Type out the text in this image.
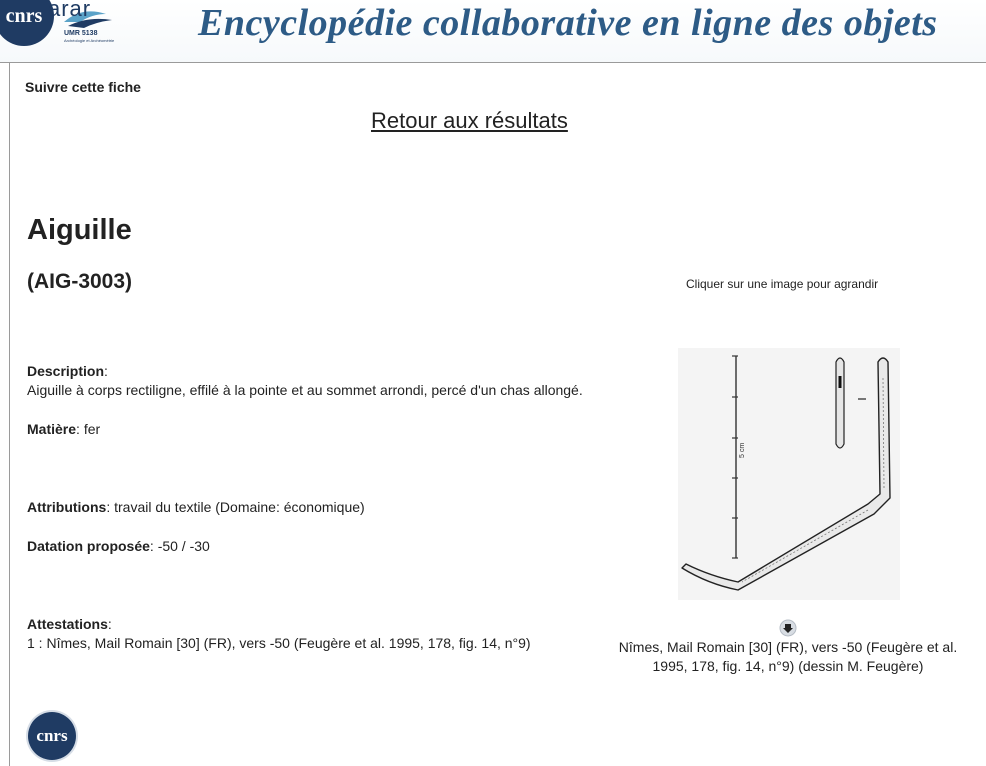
cnrs arar
UMR 5138
Archéologie et Archéométrie Encyclopédie collaborative en ligne des objets
Suivre cette fiche
Retour aux résultats
Aiguille
(AIG-3003)
Description:
Aiguille à corps rectiligne, effilé à la pointe et au sommet arrondi, percé d'un chas allongé.
Matière: fer
Attributions: travail du textile (Domaine: économique)
Datation proposée: -50 / -30
Attestations:
1 : Nîmes, Mail Romain [30] (FR), vers -50 (Feugère et al. 1995, 178, fig. 14, n°9)
Cliquer sur une image pour agrandir
5 cm
Nîmes, Mail Romain [30] (FR), vers -50 (Feugère et al. 1995, 178, fig. 14, n°9) (dessin M. Feugère)
cnrs
